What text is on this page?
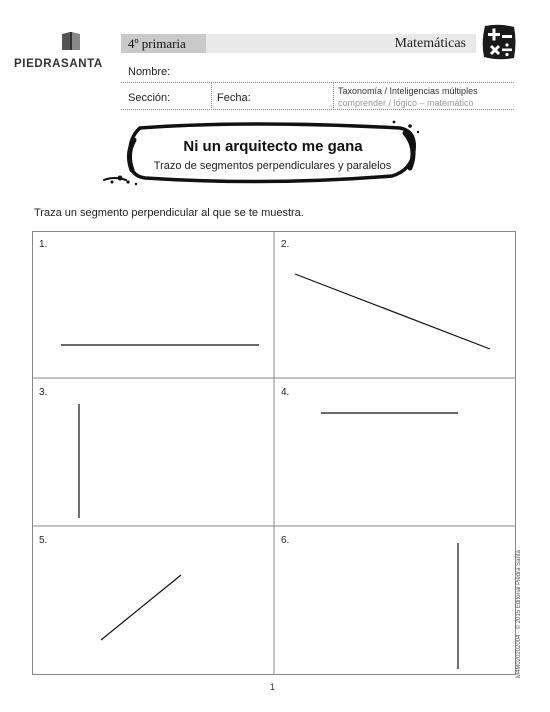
PIEDRASANTA
4º primaria	Matemáticas
Nombre:
Sección:	Fecha:
Taxonomía / Inteligencias múltiples
comprender / lógico – matemático
Ni un arquitecto me gana
Trazo de segmentos perpendiculares y paralelos
Traza un segmento perpendicular al que se te muestra.
1.	2.
3.	4.
5.	6.
M4M020202004 · © 2015 Editorial Piedra Santa
1
